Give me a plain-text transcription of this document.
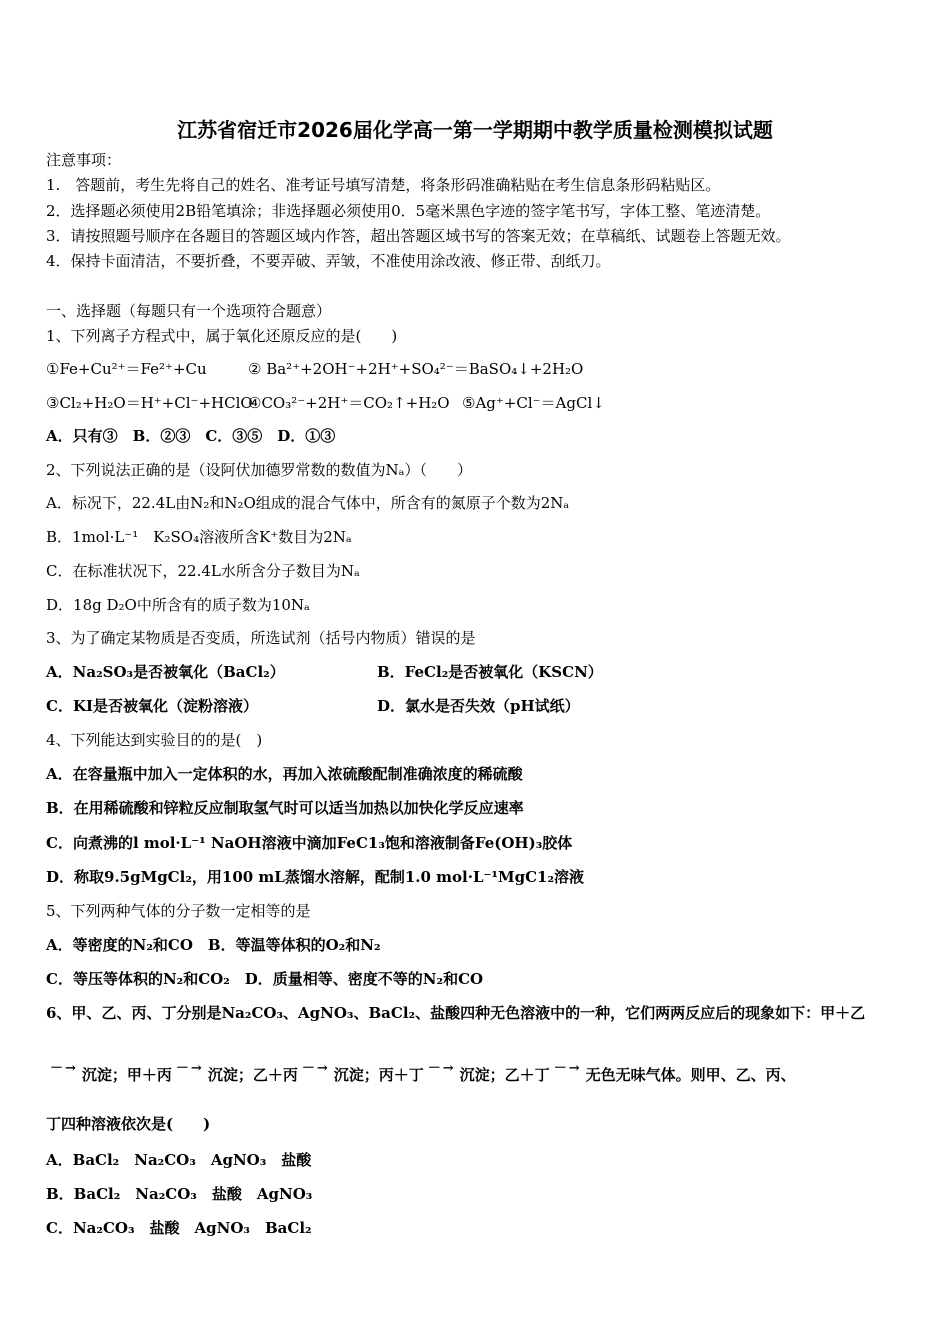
江苏省宿迁市2026届化学高一第一学期期中教学质量检测模拟试题
注意事项：
1.　答题前，考生先将自己的姓名、准考证号填写清楚，将条形码准确粘贴在考生信息条形码粘贴区。
2．选择题必须使用2B铅笔填涂；非选择题必须使用0．5毫米黑色字迹的签字笔书写，字体工整、笔迹清楚。
3．请按照题号顺序在各题目的答题区域内作答，超出答题区域书写的答案无效；在草稿纸、试题卷上答题无效。
4．保持卡面清洁，不要折叠，不要弄破、弄皱，不准使用涂改液、修正带、刮纸刀。
一、选择题（每题只有一个选项符合题意）
1、下列离子方程式中，属于氧化还原反应的是(　　)
①Fe+Cu²⁺＝Fe²⁺+Cu	② Ba²⁺+2OH⁻+2H⁺+SO₄²⁻＝BaSO₄↓+2H₂O
③Cl₂+H₂O＝H⁺+Cl⁻+HClO
④CO₃²⁻+2H⁺＝CO₂↑+H₂O ⑤Ag⁺+Cl⁻＝AgCl↓
A．只有③　B．②③　C．③⑤　D．①③
2、下列说法正确的是（设阿伏加德罗常数的数值为Nₐ）（　　）
A．标况下，22.4L由N₂和N₂O组成的混合气体中，所含有的氮原子个数为2Nₐ
B．1mol·L⁻¹　K₂SO₄溶液所含K⁺数目为2Nₐ
C．在标准状况下，22.4L水所含分子数目为Nₐ
D．18g D₂O中所含有的质子数为10Nₐ
3、为了确定某物质是否变质，所选试剂（括号内物质）错误的是
A．Na₂SO₃是否被氧化（BaCl₂）	B．FeCl₂是否被氧化（KSCN）
C．KI是否被氧化（淀粉溶液）	D．氯水是否失效（pH试纸）
4、下列能达到实验目的的是(　)
A．在容量瓶中加入一定体积的水，再加入浓硫酸配制准确浓度的稀硫酸
B．在用稀硫酸和锌粒反应制取氢气时可以适当加热以加快化学反应速率
C．向煮沸的l mol·L⁻¹ NaOH溶液中滴加FeC1₃饱和溶液制备Fe(OH)₃胶体
D．称取9.5gMgCl₂，用100 mL蒸馏水溶解，配制1.0 mol·L⁻¹MgC1₂溶液
5、下列两种气体的分子数一定相等的是
A．等密度的N₂和CO　B．等温等体积的O₂和N₂
C．等压等体积的N₂和CO₂　D．质量相等、密度不等的N₂和CO
6、甲、乙、丙、丁分别是Na₂CO₃、AgNO₃、BaCl₂、盐酸四种无色溶液中的一种，它们两两反应后的现象如下：甲＋乙
－→ 沉淀；甲＋丙 －→ 沉淀；乙＋丙 －→ 沉淀；丙＋丁 －→ 沉淀；乙＋丁 －→ 无色无味气体。则甲、乙、丙、
丁四种溶液依次是(　　)
A．BaCl₂　Na₂CO₃　AgNO₃　盐酸
B．BaCl₂　Na₂CO₃　盐酸　AgNO₃
C．Na₂CO₃　盐酸　AgNO₃　BaCl₂
